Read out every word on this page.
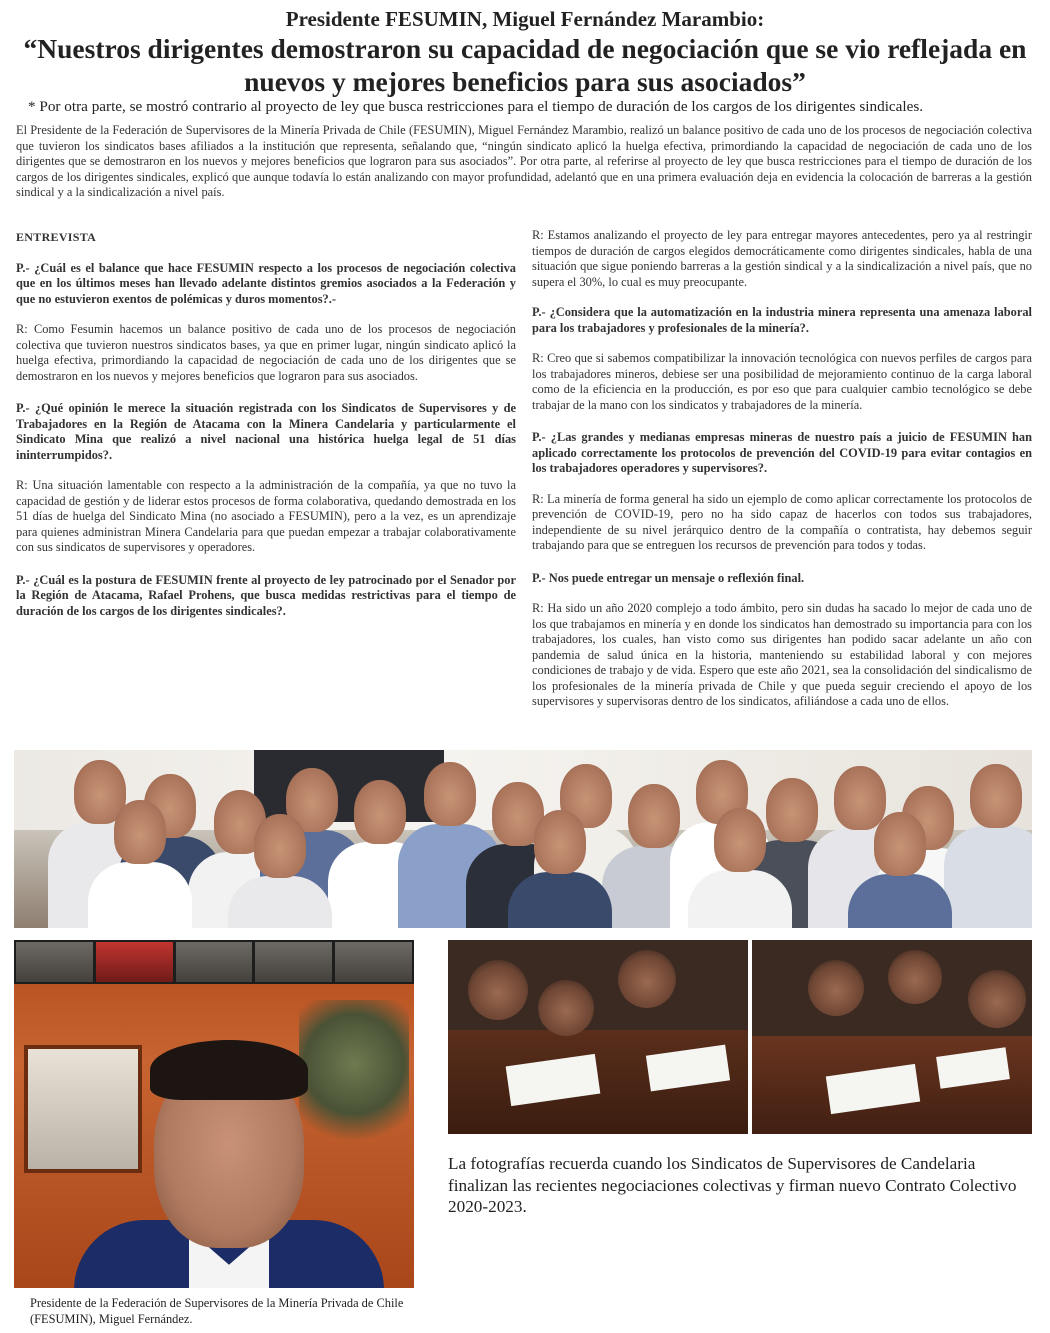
Presidente FESUMIN, Miguel Fernández Marambio:

“Nuestros dirigentes demostraron su capacidad de negociación que se vio reflejada en nuevos y mejores beneficios para sus asociados”

* Por otra parte, se mostró contrario al proyecto de ley que busca restricciones para el tiempo de duración de los cargos de los dirigentes sindicales.

El Presidente de la Federación de Supervisores de la Minería Privada de Chile (FESUMIN), Miguel Fernández Marambio, realizó un balance positivo de cada uno de los procesos de negociación colectiva que tuvieron los sindicatos bases afiliados a la institución que representa, señalando que, “ningún sindicato aplicó la huelga efectiva, primordiando la capacidad de negociación de cada uno de los dirigentes que se demostraron en los nuevos y mejores beneficios que lograron para sus asociados”. Por otra parte, al referirse al proyecto de ley que busca restricciones para el tiempo de duración de los cargos de los dirigentes sindicales, explicó que aunque todavía lo están analizando con mayor profundidad, adelantó que en una primera evaluación deja en evidencia la colocación de barreras a la gestión sindical y a la sindicalización a nivel país.

ENTREVISTA

P.- ¿Cuál es el balance que hace FESUMIN respecto a los procesos de negociación colectiva que en los últimos meses han llevado adelante distintos gremios asociados a la Federación y que no estuvieron exentos de polémicas y duros momentos?.-

R: Como Fesumin hacemos un balance positivo de cada uno de los procesos de negociación colectiva que tuvieron nuestros sindicatos bases, ya que en primer lugar, ningún sindicato aplicó la huelga efectiva, primordiando la capacidad de negociación de cada uno de los dirigentes que se demostraron en los nuevos y mejores beneficios que lograron para sus asociados.

P.- ¿Qué opinión le merece la situación registrada con los Sindicatos de Supervisores y de Trabajadores en la Región de Atacama con la Minera Candelaria y particularmente el Sindicato Mina que realizó a nivel nacional una histórica huelga legal de 51 días ininterrumpidos?.

R: Una situación lamentable con respecto a la administración de la compañía, ya que no tuvo la capacidad de gestión y de liderar estos procesos de forma colaborativa, quedando demostrada en los 51 días de huelga del Sindicato Mina (no asociado a FESUMIN), pero a la vez, es un aprendizaje para quienes administran Minera Candelaria para que puedan empezar a trabajar colaborativamente con sus sindicatos de supervisores y operadores.

P.- ¿Cuál es la postura de FESUMIN frente al proyecto de ley patrocinado por el Senador por la Región de Atacama, Rafael Prohens, que busca medidas restrictivas para el tiempo de duración de los cargos de los dirigentes sindicales?.

R: Estamos analizando el proyecto de ley para entregar mayores antecedentes, pero ya al restringir tiempos de duración de cargos elegidos democráticamente como dirigentes sindicales, habla de una situación que sigue poniendo barreras a la gestión sindical y a la sindicalización a nivel país, que no supera el 30%, lo cual es muy preocupante.

P.- ¿Considera que la automatización en la industria minera representa una amenaza laboral para los trabajadores y profesionales de la minería?.

R: Creo que si sabemos compatibilizar la innovación tecnológica con nuevos perfiles de cargos para los trabajadores mineros, debiese ser una posibilidad de mejoramiento continuo de la carga laboral como de la eficiencia en la producción, es por eso que para cualquier cambio tecnológico se debe trabajar de la mano con los sindicatos y trabajadores de la minería.

P.- ¿Las grandes y medianas empresas mineras de nuestro país a juicio de FESUMIN han aplicado correctamente los protocolos de prevención del COVID-19 para evitar contagios en los trabajadores operadores y supervisores?.

R: La minería de forma general ha sido un ejemplo de como aplicar correctamente los protocolos de prevención de COVID-19, pero no ha sido capaz de hacerlos con todos sus trabajadores, independiente de su nivel jerárquico dentro de la compañía o contratista, hay debemos seguir trabajando para que se entreguen los recursos de prevención para todos y todas.

P.- Nos puede entregar un mensaje o reflexión final.

R: Ha sido un año 2020 complejo a todo ámbito, pero sin dudas ha sacado lo mejor de cada uno de los que trabajamos en minería y en donde los sindicatos han demostrado su importancia para con los trabajadores, los cuales, han visto como sus dirigentes han podido sacar adelante un año con pandemia de salud única en la historia, manteniendo su estabilidad laboral y con mejores condiciones de trabajo y de vida. Espero que este año 2021, sea la consolidación del sindicalismo de los profesionales de la minería privada de Chile y que pueda seguir creciendo el apoyo de los supervisores y supervisoras dentro de los sindicatos, afiliándose a cada uno de ellos.

La fotografías recuerda cuando los Sindicatos de Supervisores de Candelaria finalizan las recientes negociaciones colectivas y firman nuevo Contrato Colectivo 2020-2023.

Presidente de la Federación de Supervisores de la Minería Privada de Chile (FESUMIN), Miguel Fernández.
